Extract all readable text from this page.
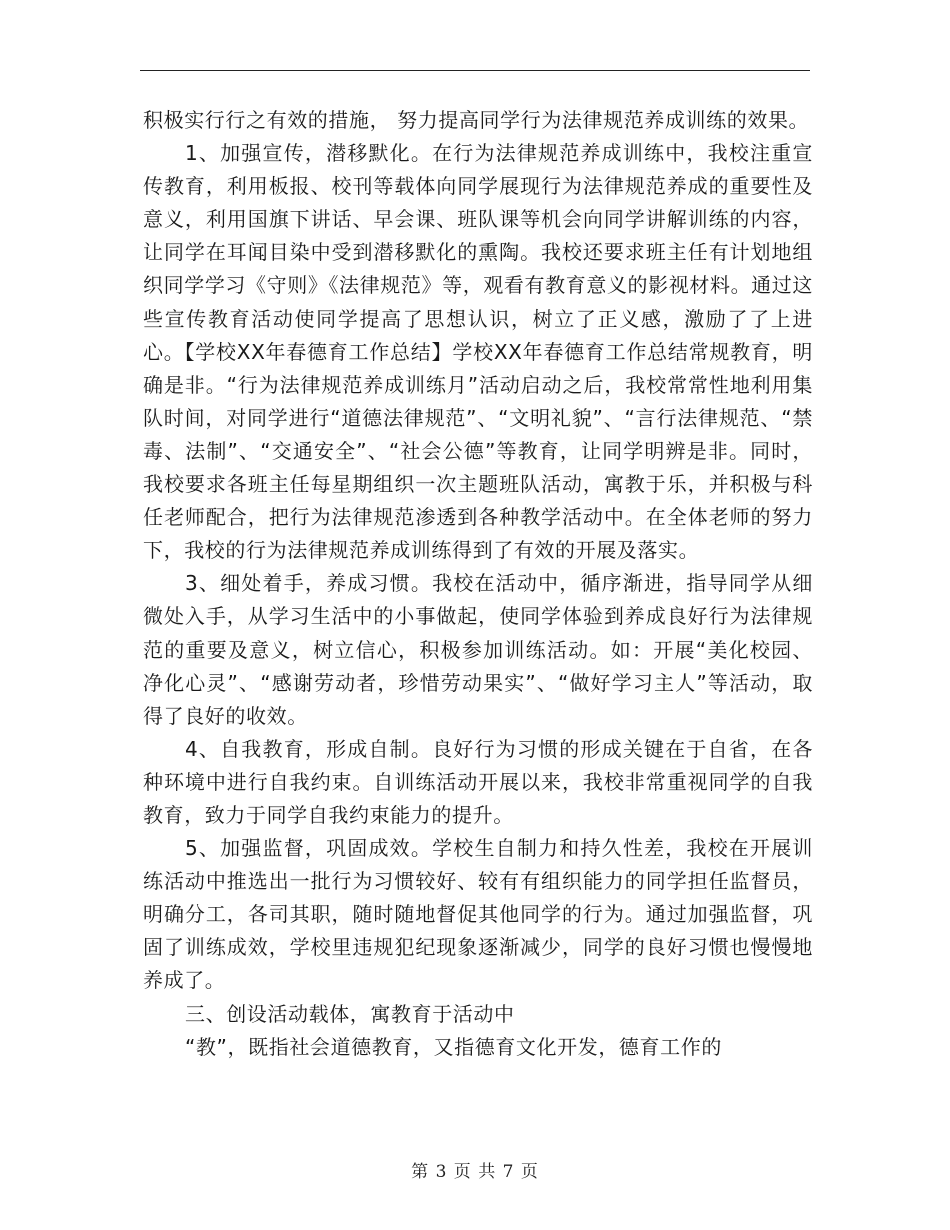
积极实行行之有效的措施， 努力提高同学行为法律规范养成训练的效果。

1、加强宣传，潜移默化。在行为法律规范养成训练中，我校注重宣传教育，利用板报、校刊等载体向同学展现行为法律规范养成的重要性及意义，利用国旗下讲话、早会课、班队课等机会向同学讲解训练的内容，让同学在耳闻目染中受到潜移默化的熏陶。我校还要求班主任有计划地组织同学学习《守则》《法律规范》等，观看有教育意义的影视材料。通过这些宣传教育活动使同学提高了思想认识，树立了正义感，激励了了上进心。【学校XX年春德育工作总结】学校XX年春德育工作总结常规教育，明确是非。“行为法律规范养成训练月”活动启动之后，我校常常性地利用集队时间，对同学进行“道德法律规范”、“文明礼貌”、“言行法律规范、“禁毒、法制”、“交通安全”、“社会公德”等教育，让同学明辨是非。同时，我校要求各班主任每星期组织一次主题班队活动，寓教于乐，并积极与科任老师配合，把行为法律规范渗透到各种教学活动中。在全体老师的努力下，我校的行为法律规范养成训练得到了有效的开展及落实。

3、细处着手，养成习惯。我校在活动中，循序渐进，指导同学从细微处入手，从学习生活中的小事做起，使同学体验到养成良好行为法律规范的重要及意义，树立信心，积极参加训练活动。如：开展“美化校园、净化心灵”、“感谢劳动者，珍惜劳动果实”、“做好学习主人”等活动，取得了良好的收效。

4、自我教育，形成自制。良好行为习惯的形成关键在于自省，在各种环境中进行自我约束。自训练活动开展以来，我校非常重视同学的自我教育，致力于同学自我约束能力的提升。

5、加强监督，巩固成效。学校生自制力和持久性差，我校在开展训练活动中推选出一批行为习惯较好、较有有组织能力的同学担任监督员，明确分工，各司其职，随时随地督促其他同学的行为。通过加强监督，巩固了训练成效，学校里违规犯纪现象逐渐减少，同学的良好习惯也慢慢地养成了。

三、创设活动载体，寓教育于活动中

“教”，既指社会道德教育，又指德育文化开发，德育工作的

第 3 页 共 7 页
